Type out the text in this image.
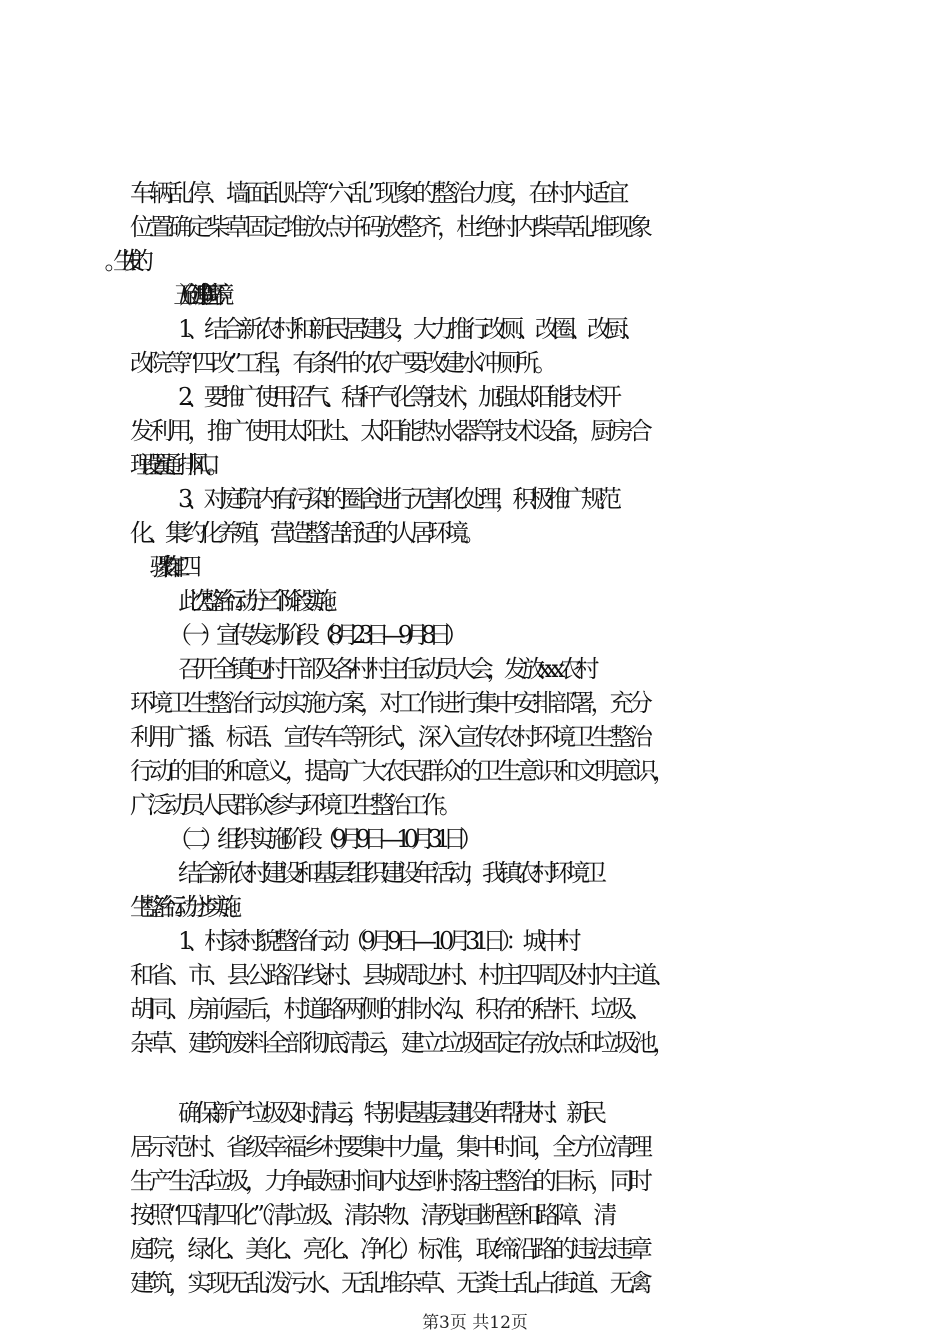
车辆乱停、墙面乱贴等“六乱”现象的整治力度，在村内适宜

位置确定柴草固定堆放点并码放整齐，杜绝村内柴草乱堆现象

（五）创建庭院环境

1、结合新农村和新民居建设，大力推行改厕、改圈、改厨、

改院等“四改”工程，有条件的农户要改建水冲厕所。

2、要推广使用沼气、秸秆气化等技术，加强太阳能技术开

发利用，推广使用太阳灶、太阳能热水器等技术设备，厨房合

理设置通、排风口。

3、对庭院内有污染的圈舍进行无害化处理，积极推广规范

化、集约化养殖，营造整洁舒适的人居环境。

此次整治行动分三个阶段实施。

（一）宣传发动阶段（8月23日—9月8日）

召开全镇包村干部及各村村主任动员大会，发放xxx农村

环境卫生整治行动实施方案，对工作进行集中安排部署，充分

利用广播、标语、宣传车等形式，深入宣传农村环境卫生整治

行动的目的和意义，提高广大农民群众的卫生意识和文明意识，

广泛动员人民群众参与环境卫生整治工作。

（二）组织实施阶段（9月9日—10月31日）

结合新农村建设和基层组织建设年活动，我镇农村环境卫

生整治行动分步实施。

1、村家村貌整治行动（9月9日—10月31日）：城中村

和省、市、县公路沿线村、县城周边村、村庄四周及村内主道、

胡同、房前屋后，村道路两侧的排水沟、积存的秸杆、垃圾、

杂草、建筑废料全部彻底清运，建立垃圾固定存放点和垃圾池，

确保新产垃圾及时清运，特别是基层建设年帮扶村、新民

居示范村、省级幸福乡村要集中力量，集中时间，全方位清理

生产生活垃圾，力争最短时间内达到村落庄整治的目标，同时

按照“四清四化”（清垃圾、清杂物、清残垣断壁和路障、清

庭院，绿化、美化、亮化、净化）标准，取缔沿路的违法违章

建筑，实现无乱泼污水、无乱堆杂草、无粪土乱占街道、无禽

第3页 共12页
